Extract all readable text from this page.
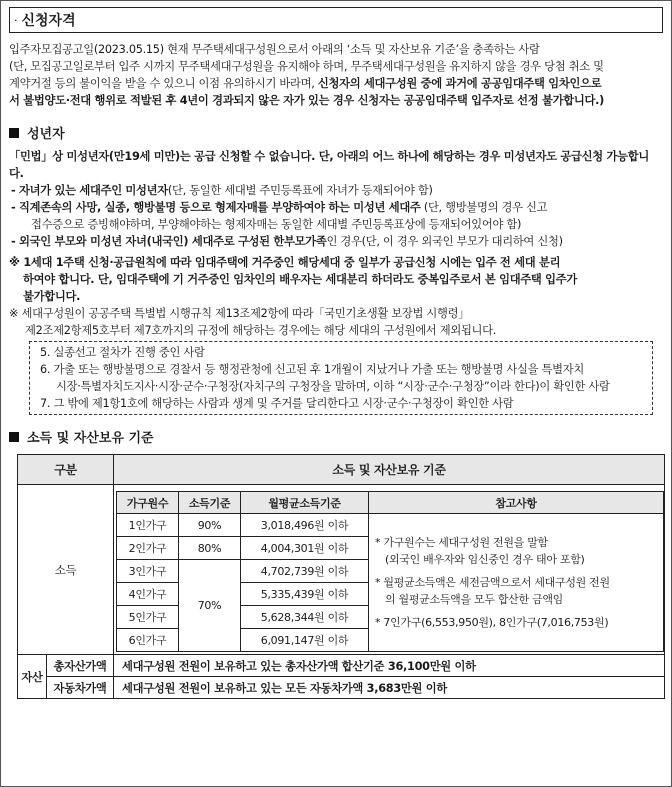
· 신청자격

입주자모집공고일(2023.05.15) 현재 무주택세대구성원으로서 아래의 ‘소득 및 자산보유 기준’을 충족하는 사람

(단, 모집공고일로부터 입주 시까지 무주택세대구성원을 유지해야 하며, 무주택세대구성원을 유지하지 않을 경우 당첨 취소 및

계약거절 등의 불이익을 받을 수 있으니 이점 유의하시기 바라며, 신청자의 세대구성원 중에 과거에 공공임대주택 임차인으로

서 불법양도·전대 행위로 적발된 후 4년이 경과되지 않은 자가 있는 경우 신청자는 공공임대주택 입주자로 선정 불가합니다.)

성년자

「민법」상 미성년자(만19세 미만)는 공급 신청할 수 없습니다. 단, 아래의 어느 하나에 해당하는 경우 미성년자도 공급신청 가능합니다.

- 자녀가 있는 세대주인 미성년자(단, 동일한 세대별 주민등록표에 자녀가 등재되어야 함)

- 직계존속의 사망, 실종, 행방불명 등으로 형제자매를 부양하여야 하는 미성년 세대주 (단, 행방불명의 경우 신고

접수증으로 증빙해야하며, 부양해야하는 형제자매는 동일한 세대별 주민등록표상에 등재되어있어야 함)

- 외국인 부모와 미성년 자녀(내국인) 세대주로 구성된 한부모가족인 경우(단, 이 경우 외국인 부모가 대리하여 신청)

※ 1세대 1주택 신청·공급원칙에 따라 임대주택에 거주중인 해당세대 중 일부가 공급신청 시에는 입주 전 세대 분리

하여야 합니다. 단, 임대주택에 기 거주중인 임차인의 배우자는 세대분리 하더라도 중복입주로서 본 임대주택 입주가

불가합니다.

※ 세대구성원이 공공주택 특별법 시행규칙 제13조제2항에 따라「국민기초생활 보장법 시행령」

제2조제2항제5호부터 제7호까지의 규정에 해당하는 경우에는 해당 세대의 구성원에서 제외됩니다.

5. 실종선고 절차가 진행 중인 사람

6. 가출 또는 행방불명으로 경찰서 등 행정관청에 신고된 후 1개월이 지났거나 가출 또는 행방불명 사실을 특별자치

시장·특별자치도지사·시장·군수·구청장(자치구의 구청장을 말하며, 이하 “시장·군수·구청장”이라 한다)이 확인한 사람

7. 그 밖에 제1항1호에 해당하는 사람과 생계 및 주거를 달리한다고 시장·군수·구청장이 확인한 사람

소득 및 자산보유 기준
구분	소득 및 자산보유 기준
소득	
가구원수	소득기준	월평균소득기준	참고사항
1인가구	90%	3,018,496원 이하	
* 가구원수는 세대구성원 전원을 말함
(외국인 배우자와 임신중인 경우 태아 포함)
* 월평균소득액은 세전금액으로서 세대구성원 전원
의 월평균소득액을 모두 합산한 금액임
* 7인가구(6,553,950원), 8인가구(7,016,753원)

2인가구	80%	4,004,301원 이하
3인가구	70%	4,702,739원 이하
4인가구	5,335,439원 이하
5인가구	5,628,344원 이하
6인가구	6,091,147원 이하

자산	총자산가액	세대구성원 전원이 보유하고 있는 총자산가액 합산기준 36,100만원 이하
자동차가액	세대구성원 전원이 보유하고 있는 모든 자동차가액 3,683만원 이하
